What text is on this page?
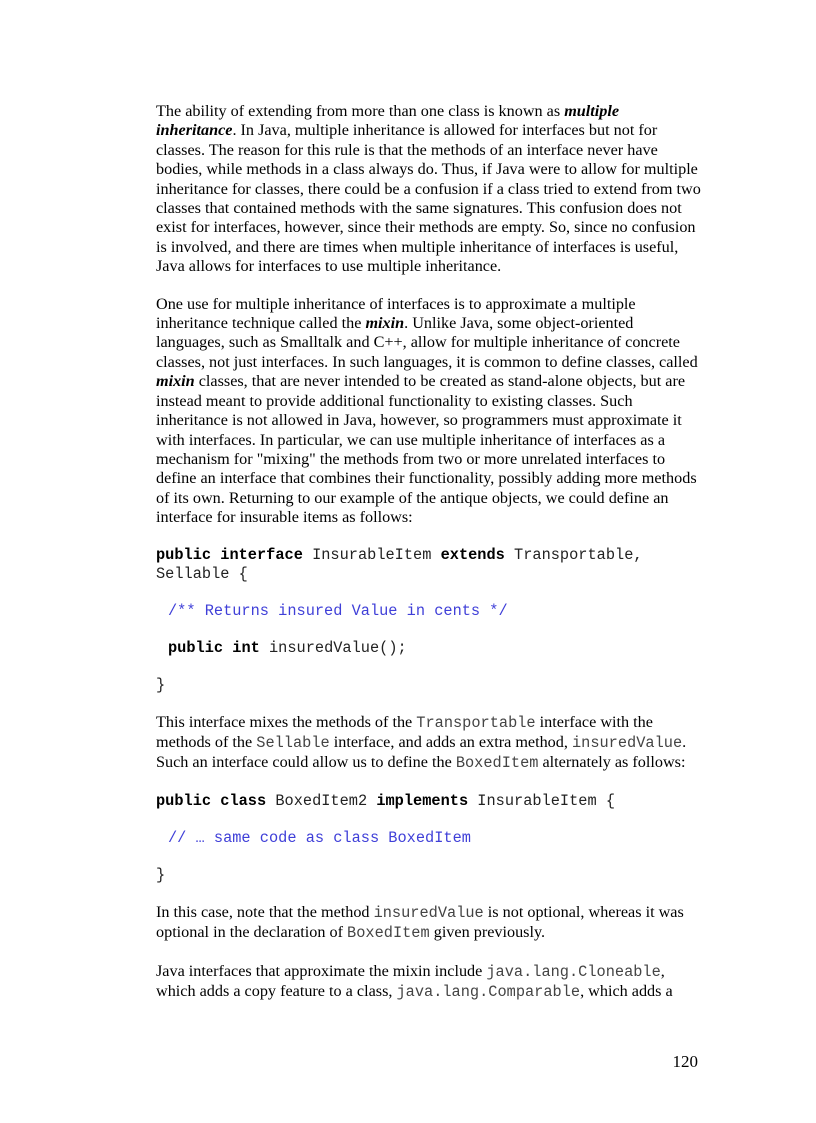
The ability of extending from more than one class is known as multiple inheritance. In Java, multiple inheritance is allowed for interfaces but not for classes. The reason for this rule is that the methods of an interface never have bodies, while methods in a class always do. Thus, if Java were to allow for multiple inheritance for classes, there could be a confusion if a class tried to extend from two classes that contained methods with the same signatures. This confusion does not exist for interfaces, however, since their methods are empty. So, since no confusion is involved, and there are times when multiple inheritance of interfaces is useful, Java allows for interfaces to use multiple inheritance.

One use for multiple inheritance of interfaces is to approximate a multiple inheritance technique called the mixin. Unlike Java, some object-oriented languages, such as Smalltalk and C++, allow for multiple inheritance of concrete classes, not just interfaces. In such languages, it is common to define classes, called mixin classes, that are never intended to be created as stand-alone objects, but are instead meant to provide additional functionality to existing classes. Such inheritance is not allowed in Java, however, so programmers must approximate it with interfaces. In particular, we can use multiple inheritance of interfaces as a mechanism for "mixing" the methods from two or more unrelated interfaces to define an interface that combines their functionality, possibly adding more methods of its own. Returning to our example of the antique objects, we could define an interface for insurable items as follows:

public interface InsurableItem extends Transportable, Sellable {
/** Returns insured Value in cents */
public int insuredValue();
}

This interface mixes the methods of the Transportable interface with the methods of the Sellable interface, and adds an extra method, insuredValue. Such an interface could allow us to define the BoxedItem alternately as follows:

public class BoxedItem2 implements InsurableItem {
// … same code as class BoxedItem
}

In this case, note that the method insuredValue is not optional, whereas it was optional in the declaration of BoxedItem given previously.

Java interfaces that approximate the mixin include java.lang.Cloneable, which adds a copy feature to a class, java.lang.Comparable, which adds a

120
